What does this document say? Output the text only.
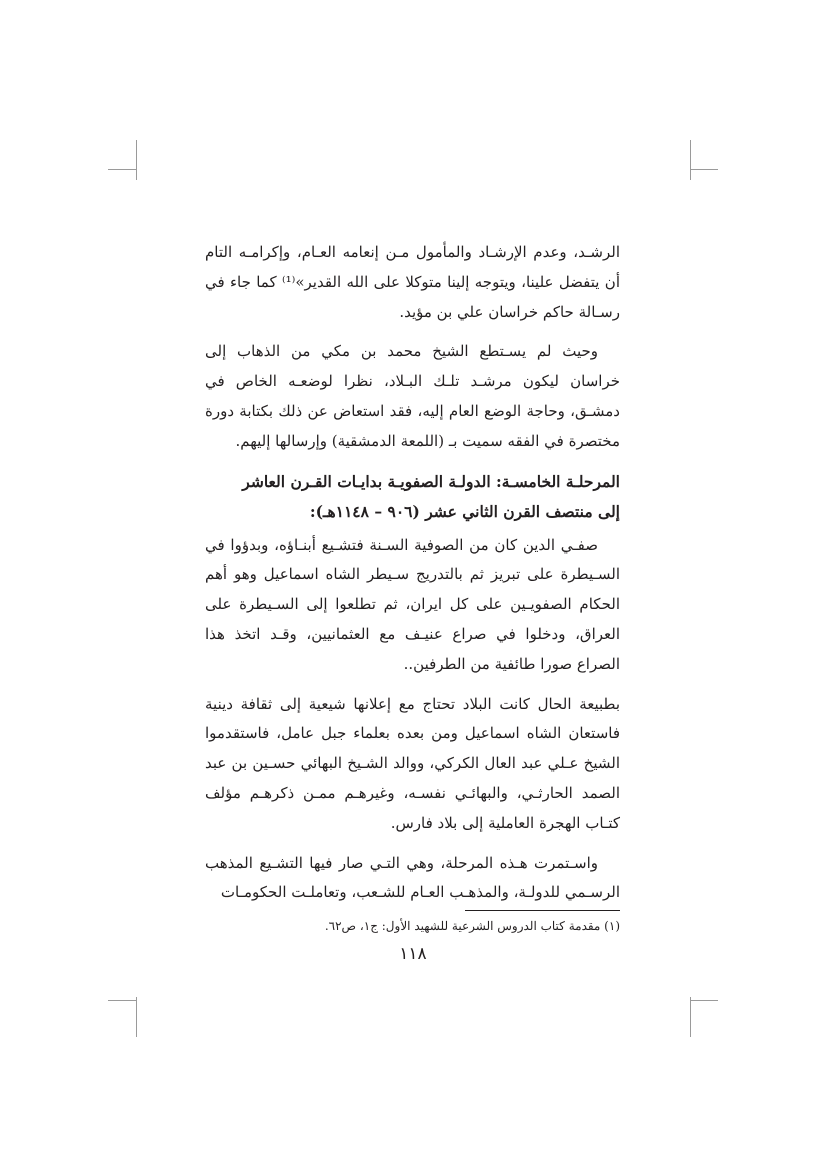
الرشـد، وعدم الإرشـاد والمأمول مـن إنعامه العـام، وإكرامـه التام أن يتفضل علينا، ويتوجه إلينا متوكلا على الله القدير»⁽¹⁾ كما جاء في رسـالة حاكم خراسان علي بن مؤيد.

وحيث لم يسـتطع الشيخ محمد بن مكي من الذهاب إلى خراسان ليكون مرشـد تلـك البـلاد، نظرا لوضعـه الخاص في دمشـق، وحاجة الوضع العام إليه، فقد استعاض عن ذلك بكتابة دورة مختصرة في الفقه سميت بـ (اللمعة الدمشقية) وإرسالها إليهم.

المرحلـة الخامسـة: الدولـة الصفويـة بدايـات القـرن العاشر
إلى منتصف القرن الثاني عشر (٩٠٦ – ١١٤٨هـ):

صفـي الدين كان من الصوفية السـنة فتشـيع أبنـاؤه، وبدؤوا في السـيطرة على تبريز ثم بالتدريج سـيطر الشاه اسماعيل وهو أهم الحكام الصفويـين على كل ايران، ثم تطلعوا إلى السـيطرة على العراق، ودخلوا في صراع عنيـف مع العثمانيين، وقـد اتخذ هذا الصراع صورا طائفية من الطرفين..

بطبيعة الحال كانت البلاد تحتاج مع إعلانها شيعية إلى ثقافة دينية فاستعان الشاه اسماعيل ومن بعده بعلماء جبل عامل، فاستقدموا الشيخ عـلي عبد العال الكركي، ووالد الشـيخ البهائي حسـين بن عبد الصمد الحارثـي، والبهائـي نفسـه، وغيرهـم ممـن ذكرهـم مؤلف كتـاب الهجرة العاملية إلى بلاد فارس.

واسـتمرت هـذه المرحلة، وهي التـي صار فيها التشـيع المذهب الرسـمي للدولـة، والمذهـب العـام للشـعب، وتعاملـت الحكومـات

(١) مقدمة كتاب الدروس الشرعية للشهيد الأول: ج١، ص٦٢.
١١٨
